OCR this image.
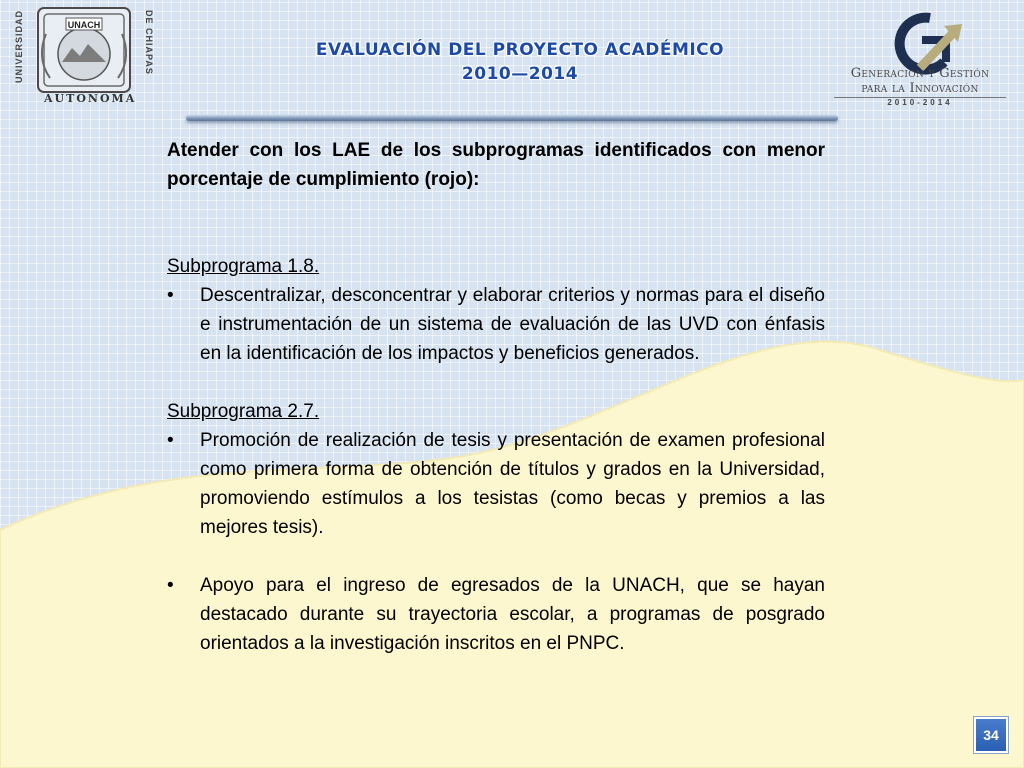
UNIVERSIDAD	UNACH	DE CHIAPAS
AUTONOMA
EVALUACIÓN DEL PROYECTO ACADÉMICO
2010—2014	Generación y Gestión
para la Innovación
2010-2014

Atender con los LAE de los subprogramas identificados con menor porcentaje de cumplimiento (rojo):

Subprograma 1.8.

• Descentralizar, desconcentrar y elaborar criterios y normas para el diseño e instrumentación de un sistema de evaluación de las UVD con énfasis en la identificación de los impactos y beneficios generados.

Subprograma 2.7.

• Promoción de realización de tesis y presentación de examen profesional como primera forma de obtención de títulos y grados en la Universidad, promoviendo estímulos a los tesistas (como becas y premios a las mejores tesis).
• Apoyo para el ingreso de egresados de la UNACH, que se hayan destacado durante su trayectoria escolar, a programas de posgrado orientados a la investigación inscritos en el PNPC.
34
